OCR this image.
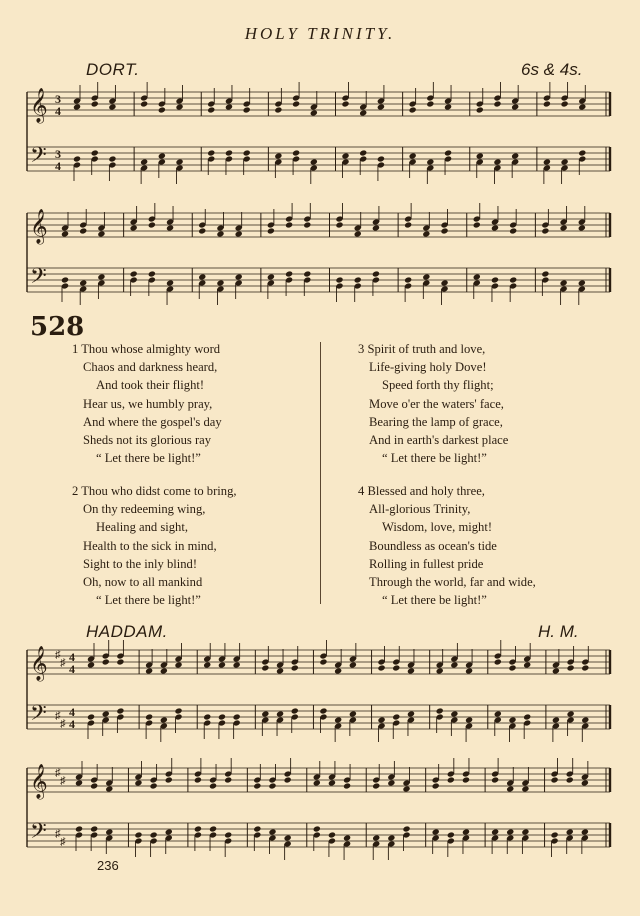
HOLY TRINITY.
DORT.	6s & 4s.
𝄞
𝄢
3
4
3
4
𝄞
𝄢
528
1 Thou whose almighty word
Chaos and darkness heard,
And took their flight!
Hear us, we humbly pray,
And where the gospel's day
Sheds not its glorious ray
“ Let there be light!”
2 Thou who didst come to bring,
On thy redeeming wing,
Healing and sight,
Health to the sick in mind,
Sight to the inly blind!
Oh, now to all mankind
“ Let there be light!”
3 Spirit of truth and love,
Life-giving holy Dove!
Speed forth thy flight;
Move o'er the waters' face,
Bearing the lamp of grace,
And in earth's darkest place
“ Let there be light!”
4 Blessed and holy three,
All-glorious Trinity,
Wisdom, love, might!
Boundless as ocean's tide
Rolling in fullest pride
Through the world, far and wide,
“ Let there be light!”
HADDAM.	H. M.
𝄞
𝄢
♯
♯
♯
♯
4
4
4
4
𝄞
𝄢
♯
♯
♯
♯
236
